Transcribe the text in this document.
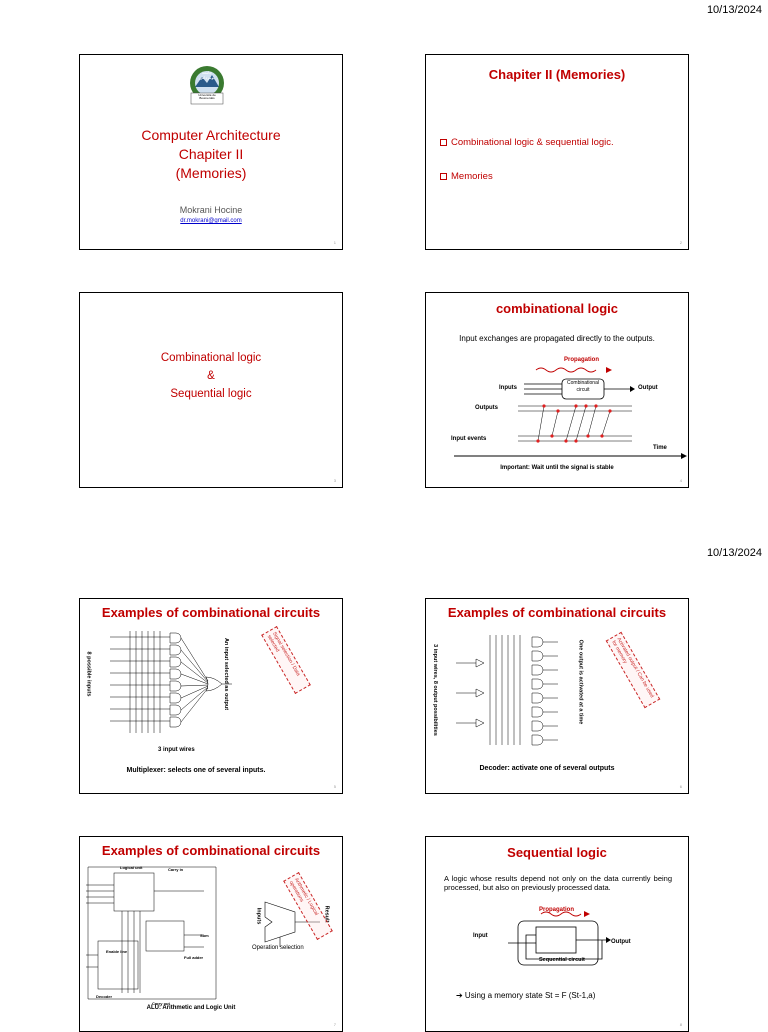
10/13/2024
10/13/2024
جامعة بومرداس
Université de Boumerdès
Computer Architecture
Chapiter II
(Memories)
Mokrani Hocine
dr.mokrani@gmail.com
1
Chapiter II (Memories)
Combinational logic & sequential logic.
Memories
2
Combinational logic
&
Sequential logic
3
combinational logic
Input exchanges are propagated directly to the outputs.
Propagation
Inputs
Combinational
circuit	Output
Outputs
Input events
Time
Important: Wait until the signal is stable
4
Examples of combinational circuits
8 possible inputs	An input selected as output
3 input wires
Signal selection / Data selected
Multiplexer: selects one of several inputs.
5
Examples of combinational circuits
3 input wires, 8 output possibilities	One output is activated at a time	Activated output / Can be used for memory
Decoder: activate one of several outputs
6
Examples of combinational circuits
Logical unit	Carry in
Carry out
Decoder
Sum
Enable line
Full adder
Inputs	Result
Operation selection
Arithmetic / Logical operations
ALU: Arithmetic and Logic Unit
7
Sequential logic
A logic whose results depend not only on the data currently being processed, but also on previously processed data.
Propagation
Input
Output
Sequential circuit
➔ Using a memory state St = F (St-1,a)
8
